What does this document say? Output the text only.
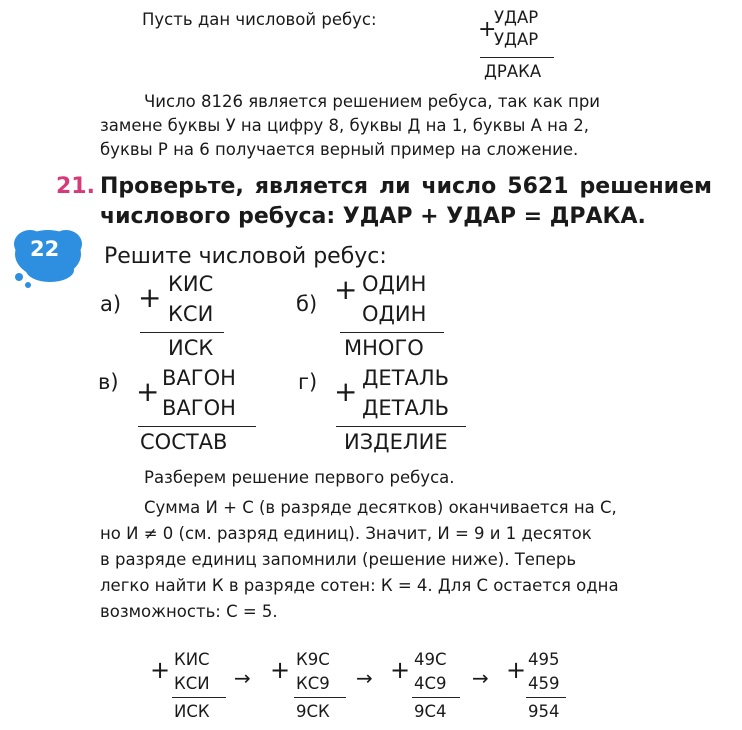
Пусть дан числовой ребус:	+
УДАР
УДАР
ДРАКА
Число 8126 является решением ребуса, так как при
замене буквы У на цифру 8, буквы Д на 1, буквы А на 2,
буквы Р на 6 получается верный пример на сложение.
21. Проверьте, является ли число 5621 решением
числового ребуса: УДАР + УДАР = ДРАКА.
22 Решите числовой ребус:
а) + КИС
КСИ
ИСК
б) + ОДИН
ОДИН
МНОГО
в) + ВАГОН
ВАГОН
СОСТАВ
г) + ДЕТАЛЬ
ДЕТАЛЬ
ИЗДЕЛИЕ
Разберем решение первого ребуса.
Сумма И + С (в разряде десятков) оканчивается на С,
но И ≠ 0 (см. разряд единиц). Значит, И = 9 и 1 десяток
в разряде единиц запомнили (решение ниже). Теперь
легко найти К в разряде сотен: К = 4. Для С остается одна
возможность: С = 5.
+ КИС
КСИ
ИСК
→ + К9С
КС9
9СК
→ + 49С
4С9
9С4
→ + 495
459
954
